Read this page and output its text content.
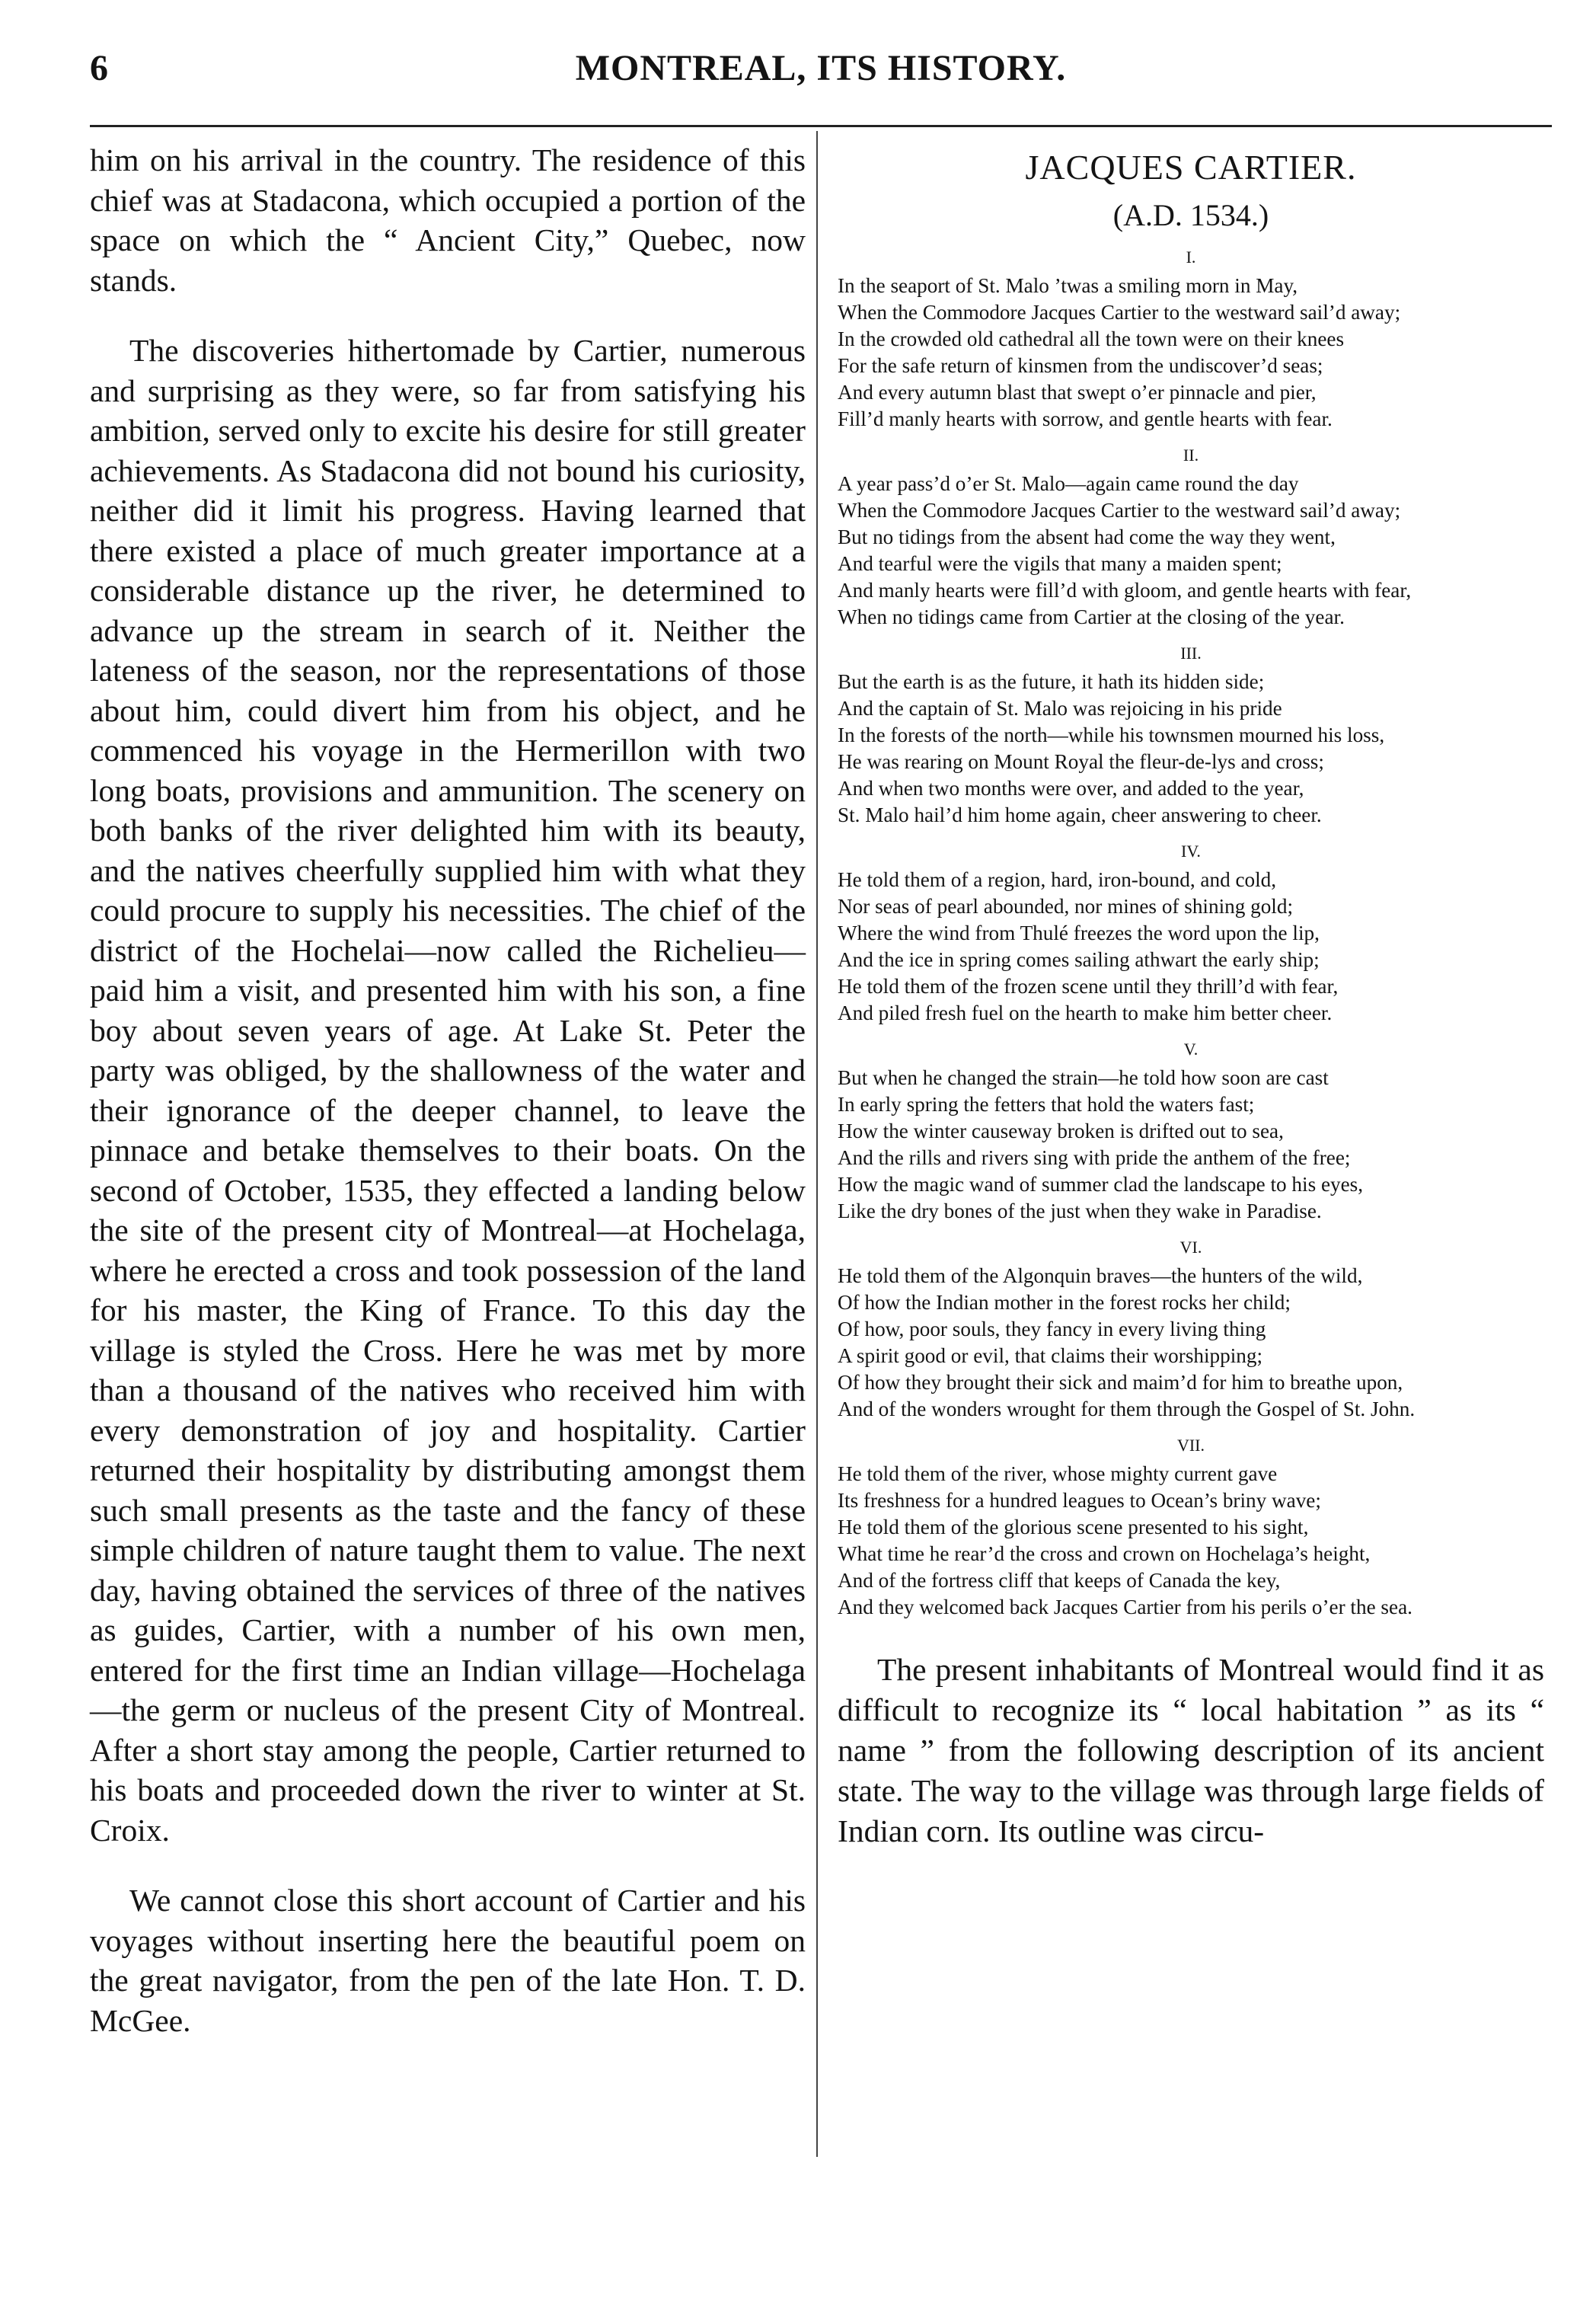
6	MONTREAL, ITS HISTORY.

him on his arrival in the country. The residence of this chief was at Stadacona, which occupied a portion of the space on which the “ Ancient City,” Quebec, now stands.

The discoveries hithertomade by Cartier, numerous and surprising as they were, so far from satisfying his ambition, served only to excite his desire for still greater achievements. As Stadacona did not bound his curiosity, neither did it limit his progress. Having learned that there existed a place of much greater importance at a considerable distance up the river, he determined to advance up the stream in search of it. Neither the lateness of the season, nor the representations of those about him, could divert him from his object, and he commenced his voyage in the Hermerillon with two long boats, provisions and ammunition. The scenery on both banks of the river delighted him with its beauty, and the natives cheerfully supplied him with what they could procure to supply his necessities. The chief of the district of the Hochelai—now called the Richelieu—paid him a visit, and presented him with his son, a fine boy about seven years of age. At Lake St. Peter the party was obliged, by the shallowness of the water and their ignorance of the deeper channel, to leave the pinnace and betake themselves to their boats. On the second of October, 1535, they effected a landing below the site of the present city of Montreal—at Hochelaga, where he erected a cross and took possession of the land for his master, the King of France. To this day the village is styled the Cross. Here he was met by more than a thousand of the natives who received him with every demonstration of joy and hospitality. Cartier returned their hospitality by distributing amongst them such small presents as the taste and the fancy of these simple children of nature taught them to value. The next day, having obtained the services of three of the natives as guides, Cartier, with a number of his own men, entered for the first time an Indian village—Hochelaga—the germ or nucleus of the present City of Montreal. After a short stay among the people, Cartier returned to his boats and proceeded down the river to winter at St. Croix.

We cannot close this short account of Cartier and his voyages without inserting here the beautiful poem on the great navigator, from the pen of the late Hon. T. D. McGee.

JACQUES CARTIER.
(A.D. 1534.)
I.
In the seaport of St. Malo ’twas a smiling morn in May,
When the Commodore Jacques Cartier to the westward sail’d away;
In the crowded old cathedral all the town were on their knees
For the safe return of kinsmen from the undiscover’d seas;
And every autumn blast that swept o’er pinnacle and pier,
Fill’d manly hearts with sorrow, and gentle hearts with fear.
II.
A year pass’d o’er St. Malo—again came round the day
When the Commodore Jacques Cartier to the westward sail’d away;
But no tidings from the absent had come the way they went,
And tearful were the vigils that many a maiden spent;
And manly hearts were fill’d with gloom, and gentle hearts with fear,
When no tidings came from Cartier at the closing of the year.
III.
But the earth is as the future, it hath its hidden side;
And the captain of St. Malo was rejoicing in his pride
In the forests of the north—while his townsmen mourned his loss,
He was rearing on Mount Royal the fleur-de-lys and cross;
And when two months were over, and added to the year,
St. Malo hail’d him home again, cheer answering to cheer.
IV.
He told them of a region, hard, iron-bound, and cold,
Nor seas of pearl abounded, nor mines of shining gold;
Where the wind from Thulé freezes the word upon the lip,
And the ice in spring comes sailing athwart the early ship;
He told them of the frozen scene until they thrill’d with fear,
And piled fresh fuel on the hearth to make him better cheer.
V.
But when he changed the strain—he told how soon are cast
In early spring the fetters that hold the waters fast;
How the winter causeway broken is drifted out to sea,
And the rills and rivers sing with pride the anthem of the free;
How the magic wand of summer clad the landscape to his eyes,
Like the dry bones of the just when they wake in Paradise.
VI.
He told them of the Algonquin braves—the hunters of the wild,
Of how the Indian mother in the forest rocks her child;
Of how, poor souls, they fancy in every living thing
A spirit good or evil, that claims their worshipping;
Of how they brought their sick and maim’d for him to breathe upon,
And of the wonders wrought for them through the Gospel of St. John.
VII.
He told them of the river, whose mighty current gave
Its freshness for a hundred leagues to Ocean’s briny wave;
He told them of the glorious scene presented to his sight,
What time he rear’d the cross and crown on Hochelaga’s height,
And of the fortress cliff that keeps of Canada the key,
And they welcomed back Jacques Cartier from his perils o’er the sea.

The present inhabitants of Montreal would find it as difficult to recognize its “ local habitation ” as its “ name ” from the following description of its ancient state. The way to the village was through large fields of Indian corn. Its outline was circu-
